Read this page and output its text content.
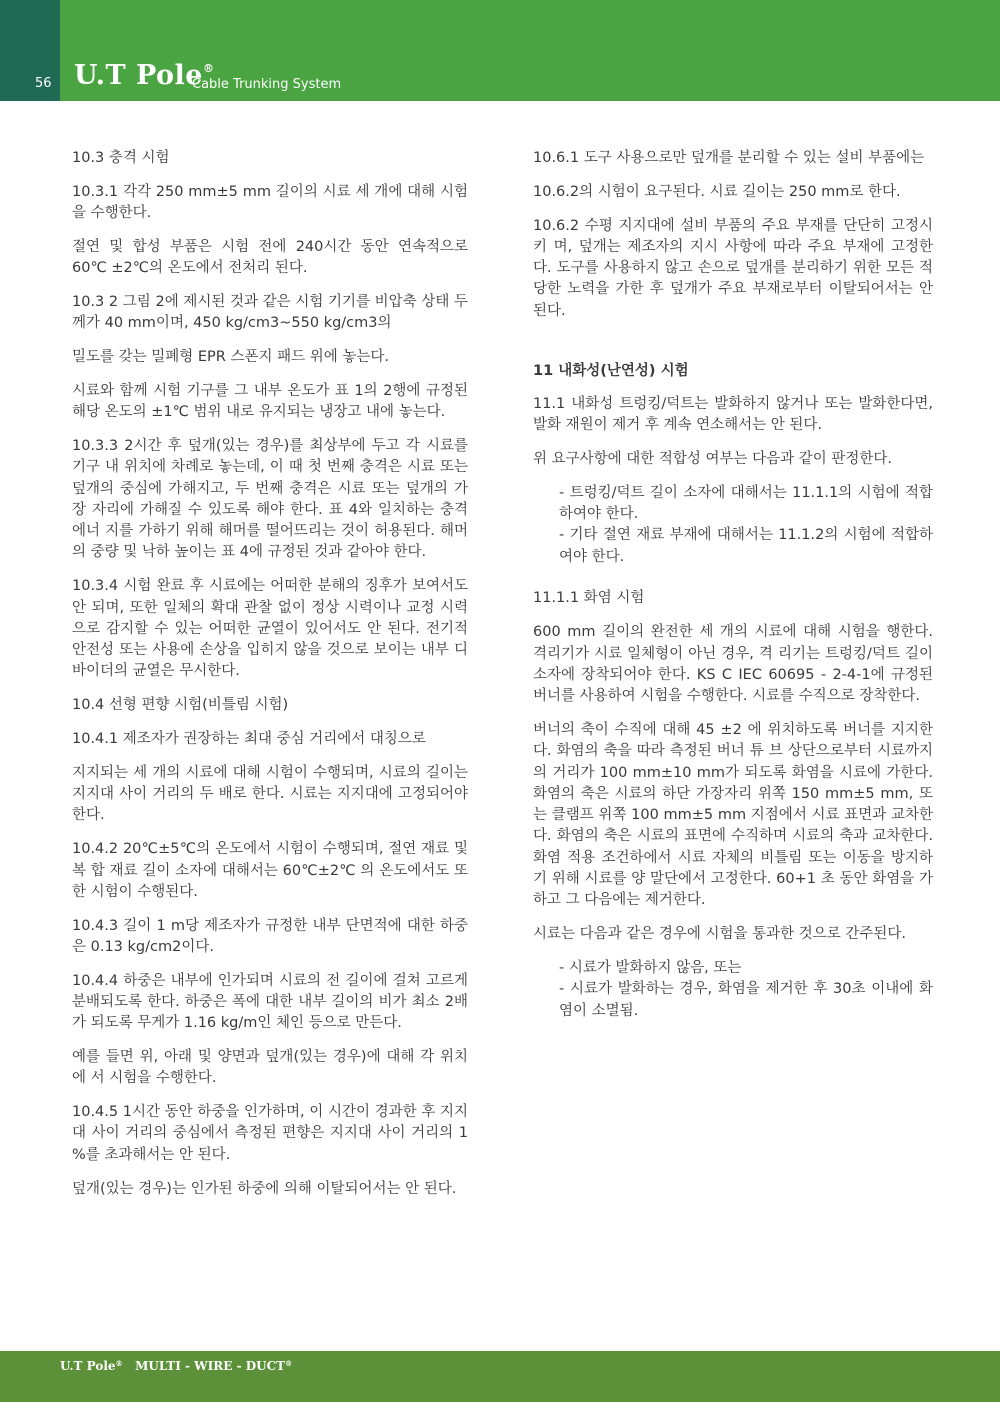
56 U.T Pole®
Cable Trunking System

10.3 충격 시험

10.3.1 각각 250 mm±5 mm 길이의 시료 세 개에 대해 시험을 수행한다.

절연 및 합성 부품은 시험 전에 240시간 동안 연속적으로 60℃ ±2℃의 온도에서 전처리 된다.

10.3 2 그림 2에 제시된 것과 같은 시험 기기를 비압축 상태 두께가 40 mm이며, 450 kg/cm3~550 kg/cm3의

밀도를 갖는 밀폐형 EPR 스폰지 패드 위에 놓는다.

시료와 함께 시험 기구를 그 내부 온도가 표 1의 2행에 규정된 해당 온도의 ±1℃ 범위 내로 유지되는 냉장고 내에 놓는다.

10.3.3 2시간 후 덮개(있는 경우)를 최상부에 두고 각 시료를 기구 내 위치에 차례로 놓는데, 이 때 첫 번째 충격은 시료 또는 덮개의 중심에 가해지고, 두 번째 충격은 시료 또는 덮개의 가장 자리에 가해질 수 있도록 해야 한다. 표 4와 일치하는 충격 에너 지를 가하기 위해 해머를 떨어뜨리는 것이 허용된다. 해머의 중량 및 낙하 높이는 표 4에 규정된 것과 같아야 한다.

10.3.4 시험 완료 후 시료에는 어떠한 분해의 징후가 보여서도 안 되며, 또한 일체의 확대 관찰 없이 정상 시력이나 교정 시력 으로 감지할 수 있는 어떠한 균열이 있어서도 안 된다. 전기적 안전성 또는 사용에 손상을 입히지 않을 것으로 보이는 내부 디바이더의 균열은 무시한다.

10.4 선형 편향 시험(비틀림 시험)

10.4.1 제조자가 권장하는 최대 중심 거리에서 대칭으로

지지되는 세 개의 시료에 대해 시험이 수행되며, 시료의 길이는 지지대 사이 거리의 두 배로 한다. 시료는 지지대에 고정되어야 한다.

10.4.2 20℃±5℃의 온도에서 시험이 수행되며, 절연 재료 및 복 합 재료 길이 소자에 대해서는 60℃±2℃ 의 온도에서도 또한 시험이 수행된다.

10.4.3 길이 1 m당 제조자가 규정한 내부 단면적에 대한 하중은 0.13 kg/cm2이다.

10.4.4 하중은 내부에 인가되며 시료의 전 길이에 걸쳐 고르게 분배되도록 한다. 하중은 폭에 대한 내부 길이의 비가 최소 2배가 되도록 무게가 1.16 kg/m인 체인 등으로 만든다.

예를 들면 위, 아래 및 양면과 덮개(있는 경우)에 대해 각 위치에 서 시험을 수행한다.

10.4.5 1시간 동안 하중을 인가하며, 이 시간이 경과한 후 지지대 사이 거리의 중심에서 측정된 편향은 지지대 사이 거리의 1 %를 초과해서는 안 된다.

덮개(있는 경우)는 인가된 하중에 의해 이탈되어서는 안 된다.

10.6.1 도구 사용으로만 덮개를 분리할 수 있는 설비 부품에는

10.6.2의 시험이 요구된다. 시료 길이는 250 mm로 한다.

10.6.2 수평 지지대에 설비 부품의 주요 부재를 단단히 고정시키 며, 덮개는 제조자의 지시 사항에 따라 주요 부재에 고정한다. 도구를 사용하지 않고 손으로 덮개를 분리하기 위한 모든 적당한 노력을 가한 후 덮개가 주요 부재로부터 이탈되어서는 안 된다.

11 내화성(난연성) 시험

11.1 내화성 트렁킹/덕트는 발화하지 않거나 또는 발화한다면, 발화 재원이 제거 후 계속 연소해서는 안 된다.

위 요구사항에 대한 적합성 여부는 다음과 같이 판정한다.

- 트렁킹/덕트 길이 소자에 대해서는 11.1.1의 시험에 적합하여야 한다.

- 기타 절연 재료 부재에 대해서는 11.1.2의 시험에 적합하여야 한다.

11.1.1 화염 시험

600 mm 길이의 완전한 세 개의 시료에 대해 시험을 행한다. 격리기가 시료 일체형이 아닌 경우, 격 리기는 트렁킹/덕트 길이 소자에 장착되어야 한다. KS C IEC 60695 - 2-4-1에 규정된 버너를 사용하여 시험을 수행한다. 시료를 수직으로 장착한다.

버너의 축이 수직에 대해 45 ±2 에 위치하도록 버너를 지지한다. 화염의 축을 따라 측정된 버너 튜 브 상단으로부터 시료까지의 거리가 100 mm±10 mm가 되도록 화염을 시료에 가한다. 화염의 축은 시료의 하단 가장자리 위쪽 150 mm±5 mm, 또는 클램프 위쪽 100 mm±5 mm 지점에서 시료 표면과 교차한다. 화염의 축은 시료의 표면에 수직하며 시료의 축과 교차한다. 화염 적용 조건하에서 시료 자체의 비틀림 또는 이동을 방지하기 위해 시료를 양 말단에서 고정한다. 60+1 초 동안 화염을 가하고 그 다음에는 제거한다.

시료는 다음과 같은 경우에 시험을 통과한 것으로 간주된다.

- 시료가 발화하지 않음, 또는

- 시료가 발화하는 경우, 화염을 제거한 후 30초 이내에 화염이 소멸됨.

U.T Pole® MULTI - WIRE - DUCT®
